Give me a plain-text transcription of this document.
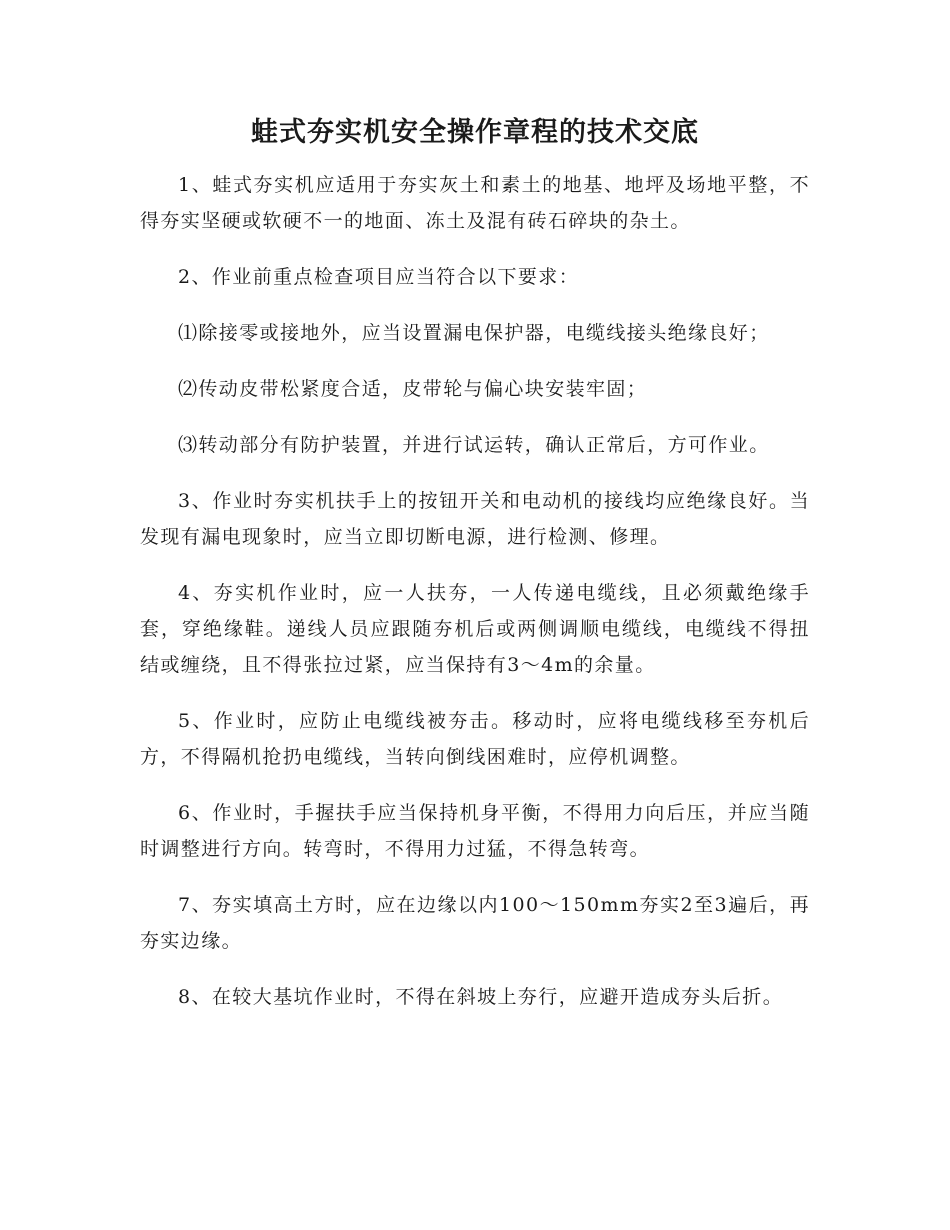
蛙式夯实机安全操作章程的技术交底

1、蛙式夯实机应适用于夯实灰土和素土的地基、地坪及场地平整，不得夯实坚硬或软硬不一的地面、冻土及混有砖石碎块的杂土。

2、作业前重点检查项目应当符合以下要求：

⑴除接零或接地外，应当设置漏电保护器，电缆线接头绝缘良好；

⑵传动皮带松紧度合适，皮带轮与偏心块安装牢固；

⑶转动部分有防护装置，并进行试运转，确认正常后，方可作业。

3、作业时夯实机扶手上的按钮开关和电动机的接线均应绝缘良好。当发现有漏电现象时，应当立即切断电源，进行检测、修理。

4、夯实机作业时，应一人扶夯，一人传递电缆线，且必须戴绝缘手套，穿绝缘鞋。递线人员应跟随夯机后或两侧调顺电缆线，电缆线不得扭结或缠绕，且不得张拉过紧，应当保持有3～4m的余量。

5、作业时，应防止电缆线被夯击。移动时，应将电缆线移至夯机后方，不得隔机抢扔电缆线，当转向倒线困难时，应停机调整。

6、作业时，手握扶手应当保持机身平衡，不得用力向后压，并应当随时调整进行方向。转弯时，不得用力过猛，不得急转弯。

7、夯实填高土方时，应在边缘以内100～150mm夯实2至3遍后，再夯实边缘。

8、在较大基坑作业时，不得在斜坡上夯行，应避开造成夯头后折。
